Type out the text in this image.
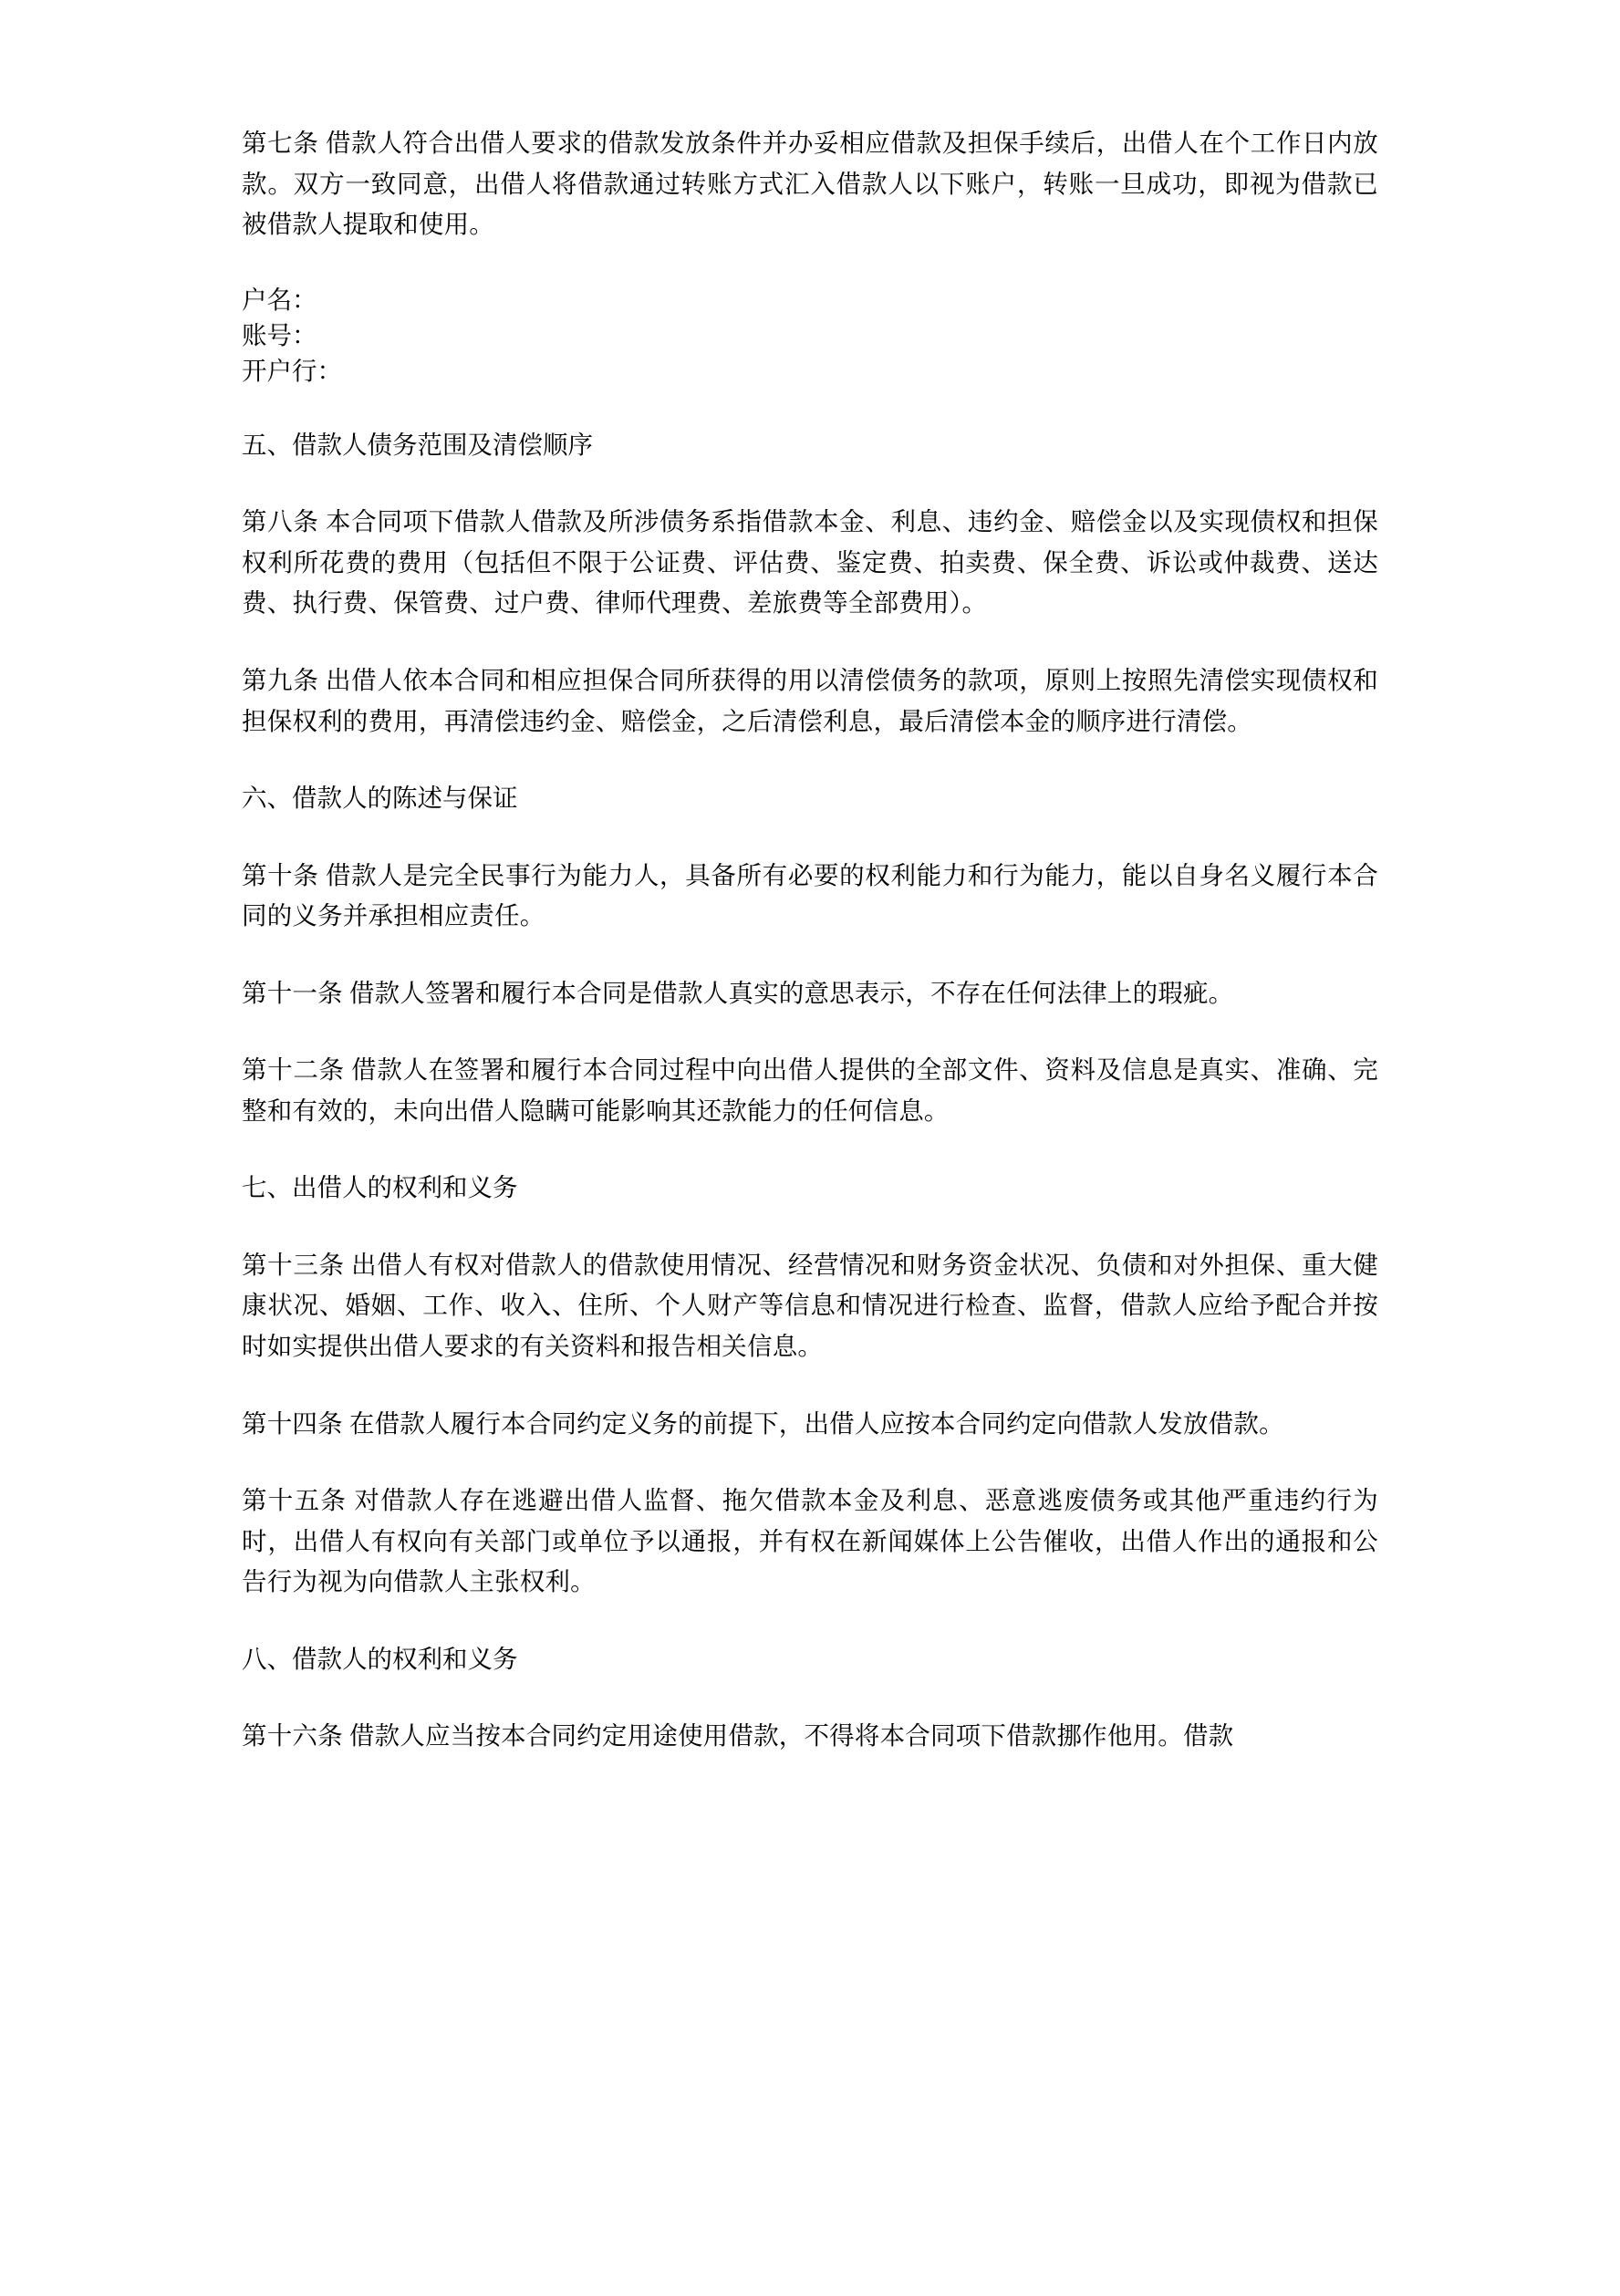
第七条 借款人符合出借人要求的借款发放条件并办妥相应借款及担保手续后，出借人在个工作日内放款。双方一致同意，出借人将借款通过转账方式汇入借款人以下账户，转账一旦成功，即视为借款已被借款人提取和使用。

户名：
账号：
开户行：

五、借款人债务范围及清偿顺序

第八条 本合同项下借款人借款及所涉债务系指借款本金、利息、违约金、赔偿金以及实现债权和担保权利所花费的费用（包括但不限于公证费、评估费、鉴定费、拍卖费、保全费、诉讼或仲裁费、送达费、执行费、保管费、过户费、律师代理费、差旅费等全部费用）。

第九条 出借人依本合同和相应担保合同所获得的用以清偿债务的款项，原则上按照先清偿实现债权和担保权利的费用，再清偿违约金、赔偿金，之后清偿利息，最后清偿本金的顺序进行清偿。

六、借款人的陈述与保证

第十条 借款人是完全民事行为能力人，具备所有必要的权利能力和行为能力，能以自身名义履行本合同的义务并承担相应责任。

第十一条 借款人签署和履行本合同是借款人真实的意思表示，不存在任何法律上的瑕疵。

第十二条 借款人在签署和履行本合同过程中向出借人提供的全部文件、资料及信息是真实、准确、完整和有效的，未向出借人隐瞒可能影响其还款能力的任何信息。

七、出借人的权利和义务

第十三条 出借人有权对借款人的借款使用情况、经营情况和财务资金状况、负债和对外担保、重大健康状况、婚姻、工作、收入、住所、个人财产等信息和情况进行检查、监督，借款人应给予配合并按时如实提供出借人要求的有关资料和报告相关信息。

第十四条 在借款人履行本合同约定义务的前提下，出借人应按本合同约定向借款人发放借款。

第十五条 对借款人存在逃避出借人监督、拖欠借款本金及利息、恶意逃废债务或其他严重违约行为时，出借人有权向有关部门或单位予以通报，并有权在新闻媒体上公告催收，出借人作出的通报和公告行为视为向借款人主张权利。

八、借款人的权利和义务

第十六条 借款人应当按本合同约定用途使用借款，不得将本合同项下借款挪作他用。借款
